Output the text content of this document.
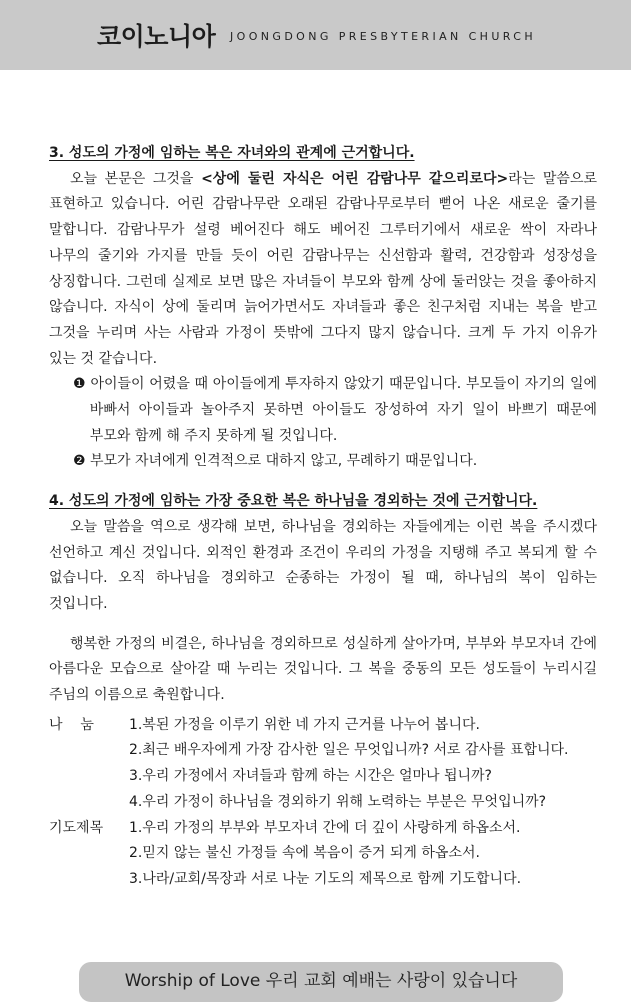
코이노니아 JOONGDONG PRESBYTERIAN CHURCH

3. 성도의 가정에 임하는 복은 자녀와의 관계에 근거합니다.

오늘 본문은 그것을 <상에 둘린 자식은 어린 감람나무 같으리로다>라는 말씀으로 표현하고 있습니다. 어린 감람나무란 오래된 감람나무로부터 뻗어 나온 새로운 줄기를 말합니다. 감람나무가 설령 베어진다 해도 베어진 그루터기에서 새로운 싹이 자라나 나무의 줄기와 가지를 만들 듯이 어린 감람나무는 신선함과 활력, 건강함과 성장성을 상징합니다. 그런데 실제로 보면 많은 자녀들이 부모와 함께 상에 둘러앉는 것을 좋아하지 않습니다. 자식이 상에 둘리며 늙어가면서도 자녀들과 좋은 친구처럼 지내는 복을 받고 그것을 누리며 사는 사람과 가정이 뜻밖에 그다지 많지 않습니다. 크게 두 가지 이유가 있는 것 같습니다.

❶ 아이들이 어렸을 때 아이들에게 투자하지 않았기 때문입니다. 부모들이 자기의 일에 바빠서 아이들과 놀아주지 못하면 아이들도 장성하여 자기 일이 바쁘기 때문에 부모와 함께 해 주지 못하게 될 것입니다.

❷ 부모가 자녀에게 인격적으로 대하지 않고, 무례하기 때문입니다.

4. 성도의 가정에 임하는 가장 중요한 복은 하나님을 경외하는 것에 근거합니다.

오늘 말씀을 역으로 생각해 보면, 하나님을 경외하는 자들에게는 이런 복을 주시겠다 선언하고 계신 것입니다. 외적인 환경과 조건이 우리의 가정을 지탱해 주고 복되게 할 수 없습니다. 오직 하나님을 경외하고 순종하는 가정이 될 때, 하나님의 복이 임하는 것입니다.

행복한 가정의 비결은, 하나님을 경외하므로 성실하게 살아가며, 부부와 부모자녀 간에 아름다운 모습으로 살아갈 때 누리는 것입니다. 그 복을 중동의 모든 성도들이 누리시길 주님의 이름으로 축원합니다.

나    눔	1.복된 가정을 이루기 위한 네 가지 근거를 나누어 봅니다.
2.최근 배우자에게 가장 감사한 일은 무엇입니까? 서로 감사를 표합니다.
3.우리 가정에서 자녀들과 함께 하는 시간은 얼마나 됩니까?
4.우리 가정이 하나님을 경외하기 위해 노력하는 부분은 무엇입니까?
기도제목	1.우리 가정의 부부와 부모자녀 간에 더 깊이 사랑하게 하옵소서.
2.믿지 않는 불신 가정들 속에 복음이 증거 되게 하옵소서.
3.나라/교회/목장과 서로 나눈 기도의 제목으로 함께 기도합니다.
Worship of Love 우리 교회 예배는 사랑이 있습니다
